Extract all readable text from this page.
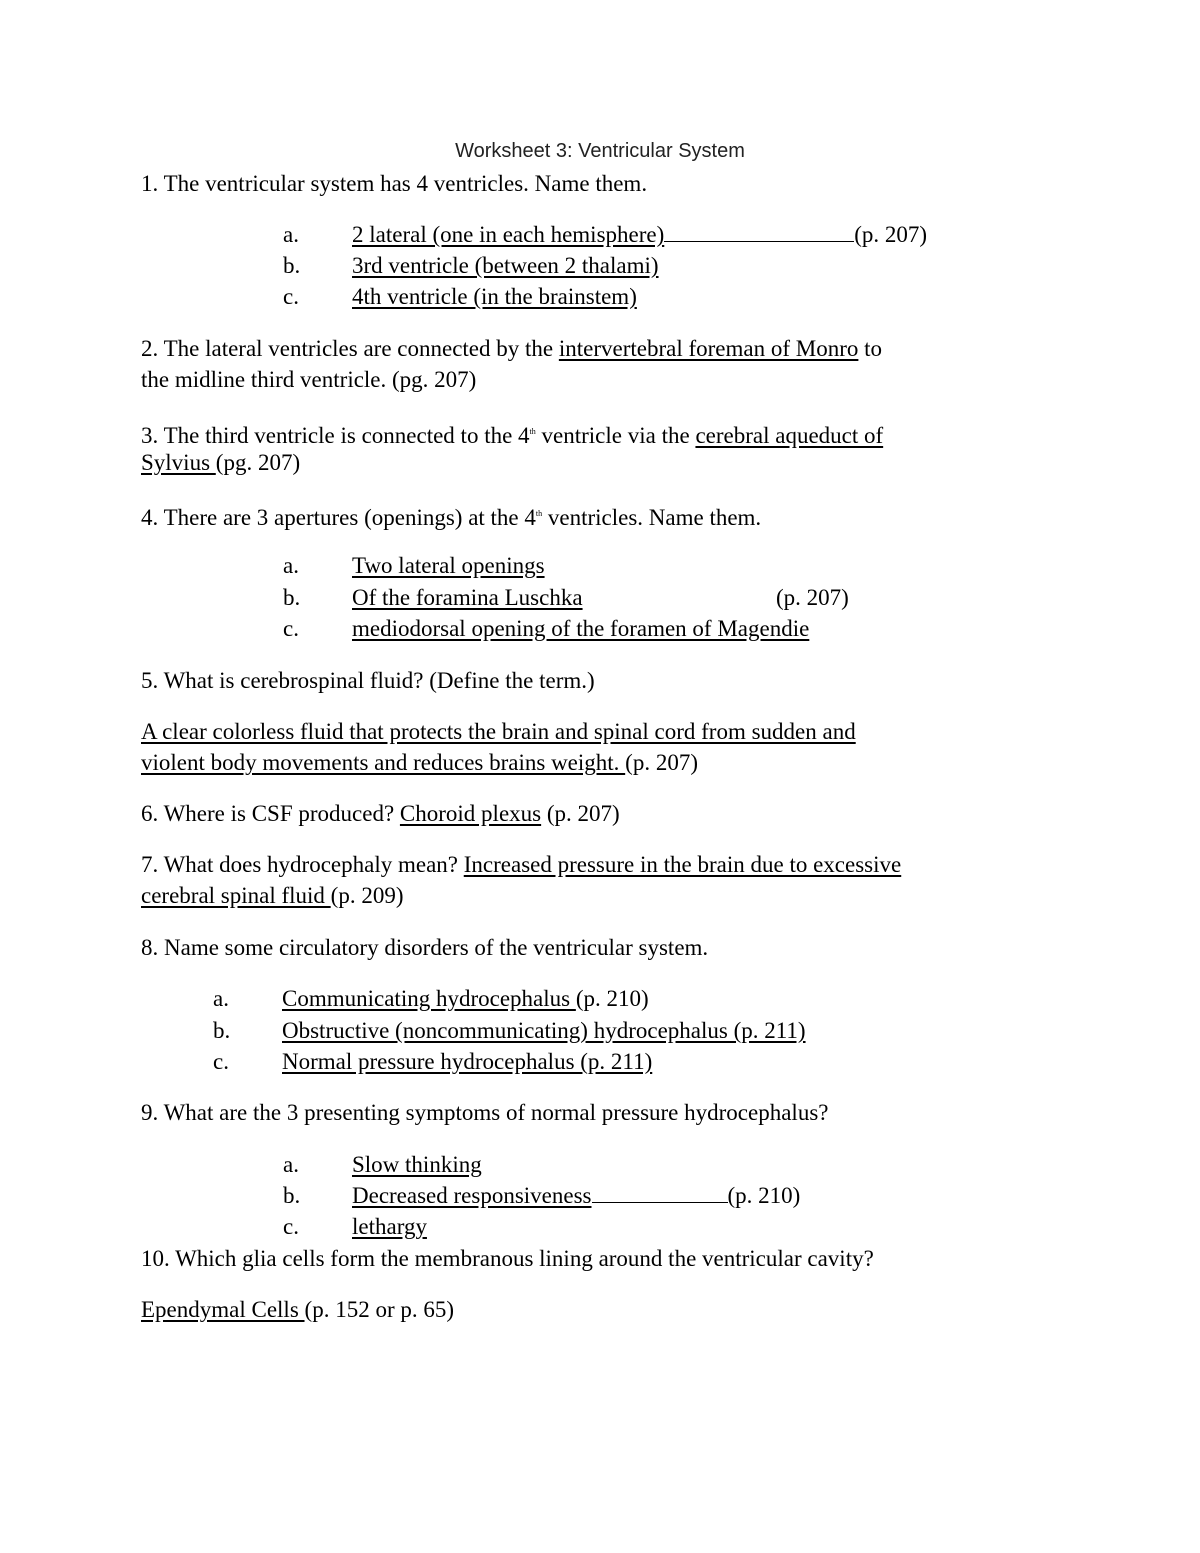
Worksheet 3: Ventricular System
1. The ventricular system has 4 ventricles. Name them.
a. 2 lateral (one in each hemisphere)	(p. 207)
b. 3rd ventricle (between 2 thalami)
c. 4th ventricle (in the brainstem)
2. The lateral ventricles are connected by the intervertebral foreman of Monro to
the midline third ventricle. (pg. 207)
3. The third ventricle is connected to the 4th ventricle via the cerebral aqueduct of
Sylvius (pg. 207)
4. There are 3 apertures (openings) at the 4th ventricles. Name them.
a. Two lateral openings
b. Of the foramina Luschka	(p. 207)
c. mediodorsal opening of the foramen of Magendie
5. What is cerebrospinal fluid? (Define the term.)
A clear colorless fluid that protects the brain and spinal cord from sudden and
violent body movements and reduces brains weight. (p. 207)
6. Where is CSF produced? Choroid plexus (p. 207)
7. What does hydrocephaly mean? Increased pressure in the brain due to excessive
cerebral spinal fluid (p. 209)
8. Name some circulatory disorders of the ventricular system.
a. Communicating hydrocephalus (p. 210)
b. Obstructive (noncommunicating) hydrocephalus (p. 211)
c. Normal pressure hydrocephalus (p. 211)
9. What are the 3 presenting symptoms of normal pressure hydrocephalus?
a. Slow thinking
b. Decreased responsiveness	(p. 210)
c. lethargy
10. Which glia cells form the membranous lining around the ventricular cavity?
Ependymal Cells (p. 152 or p. 65)
